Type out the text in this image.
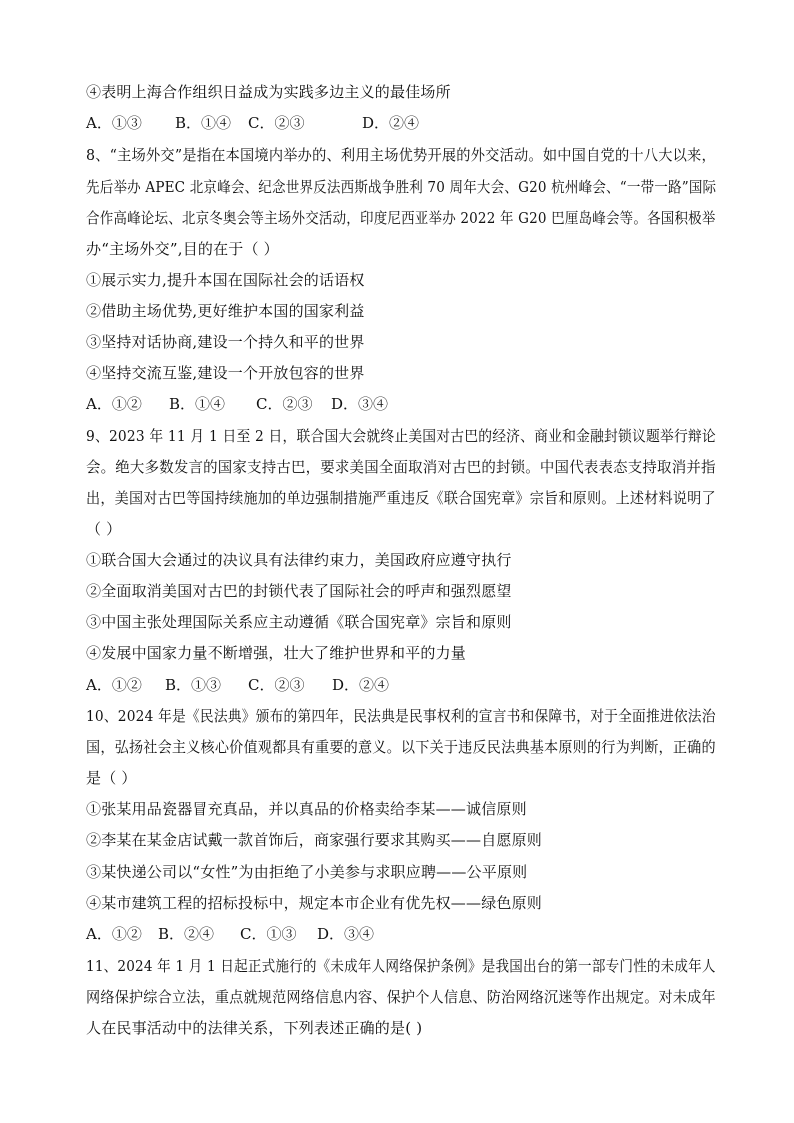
④表明上海合作组织日益成为实践多边主义的最佳场所
A．①③ B．①④ C．②③	D．②④
8、“主场外交”是指在本国境内举办的、利用主场优势开展的外交活动。如中国自党的十八大以来，
先后举办 APEC 北京峰会、纪念世界反法西斯战争胜利 70 周年大会、G20 杭州峰会、“一带一路”国际
合作高峰论坛、北京冬奥会等主场外交活动，印度尼西亚举办 2022 年 G20 巴厘岛峰会等。各国积极举
办“主场外交”,目的在于（ ）
①展示实力,提升本国在国际社会的话语权
②借助主场优势,更好维护本国的国家利益
③坚持对话协商,建设一个持久和平的世界
④坚持交流互鉴,建设一个开放包容的世界
A．①② B．①④ C．②③ D．③④
9、2023 年 11 月 1 日至 2 日，联合国大会就终止美国对古巴的经济、商业和金融封锁议题举行辩论
会。绝大多数发言的国家支持古巴，要求美国全面取消对古巴的封锁。中国代表表态支持取消并指
出，美国对古巴等国持续施加的单边强制措施严重违反《联合国宪章》宗旨和原则。上述材料说明了
（ ）
①联合国大会通过的决议具有法律约束力，美国政府应遵守执行
②全面取消美国对古巴的封锁代表了国际社会的呼声和强烈愿望
③中国主张处理国际关系应主动遵循《联合国宪章》宗旨和原则
④发展中国家力量不断增强，壮大了维护世界和平的力量
A．①② B．①③ C．②③ D．②④
10、2024 年是《民法典》颁布的第四年，民法典是民事权利的宣言书和保障书，对于全面推进依法治
国，弘扬社会主义核心价值观都具有重要的意义。以下关于违反民法典基本原则的行为判断，正确的
是（ ）
①张某用品瓷器冒充真品，并以真品的价格卖给李某——诚信原则
②李某在某金店试戴一款首饰后，商家强行要求其购买——自愿原则
③某快递公司以“女性”为由拒绝了小美参与求职应聘——公平原则
④某市建筑工程的招标投标中，规定本市企业有优先权——绿色原则
A．①② B．②④ C．①③ D．③④
11、2024 年 1 月 1 日起正式施行的《未成年人网络保护条例》是我国出台的第一部专门性的未成年人
网络保护综合立法，重点就规范网络信息内容、保护个人信息、防治网络沉迷等作出规定。对未成年
人在民事活动中的法律关系，下列表述正确的是( )
